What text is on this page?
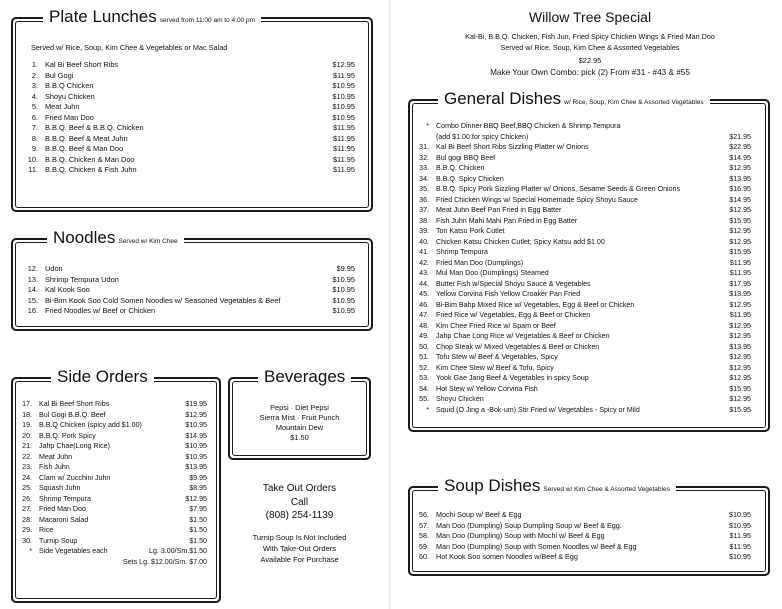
Plate Lunches served from 11:00 am to 4:00 pm
Served w/ Rice, Soup, Kim Chee & Vegetables or Mac Salad
1. Kal Bi Beef Short Ribs	$12.95
2. Bul Gogi	$11.95
3. B.B.Q Chicken	$10.95
4. Shoyu Chicken	$10.95
5. Meat Juhn	$10.95
6. Fried Man Doo	$10.95
7. B.B.Q. Beef & B.B.Q. Chicken	$11.95
8. B.B.Q. Beef & Meat Juhn	$11.95
9. B.B.Q. Beef & Man Doo	$11.95
10. B.B.Q. Chicken & Man Doo	$11.95
11. B.B.Q. Chicken & Fish Juhn	$11.95
Noodles Served w/ Kim Chee
12. Udon	$9.95
13. Shrimp Tempura Udon	$10.95
14. Kal Kook Soo	$10.95
15. Bi-Bim Kook Soo Cold Somen Noodles w/ Seasoned Vegetables & Beef	$10.95
16. Fried Noodles w/ Beef or Chicken	$10.95
Side Orders
17. Kal Bi Beef Short Ribs	$19.95
18. Bul Gogi B.B.Q. Beef	$12.95
19. B.B.Q Chicken (spicy add $1.00)	$10.95
20. B.B.Q. Pork Spicy	$14.95
21. Jahp Chae(Long Rice)	$10.95
22. Meat Juhn	$10.95
23. Fish Juhn	$13.95
24. Clam w/ Zucchini Juhn	$9.95
25. Squash Juhn	$8.95
26. Shrimp Tempura	$12.95
27. Fried Man Doo	$7.95
28. Macaroni Salad	$1.50
29. Rice	$1.50
30. Turnip Soup	$1.50
* Side Vegetables each	Lg. 3.00/Sm.$1.50
Sets Lg. $12.00/Sm. $7.00
Beverages
Pepsi · Diet Pepsi
Sierra Mist · Fruit Punch
Mountain Dew
$1.50
Take Out Orders
Call
(808) 254-1139
Turnip Soup Is Not Included
With Take-Out Orders
Available For Purchase
Willow Tree Special
Kal-Bi, B.B.Q. Chicken, Fish Jun, Fried Spicy Chicken Wings & Fried Man Doo
Served w/ Rice, Soup, Kim Chee & Assorted Vegetables
$22.95
Make Your Own Combo: pick (2) From #31 - #43 & #55
General Dishes w/ Rice, Soup, Kim Chee & Assorted Vegetables
* Combo Dinner BBQ Beef,BBQ Chicken & Shrimp Tempura
(add $1.00 for spicy Chicken)	$21.95
31. Kal Bi Beef Short Ribs Sizzling Platter w/ Onions	$22.95
32. Bul gogi BBQ Beef	$14.95
33. B.B.Q. Chicken	$12.95
34. B.B.Q. Spicy Chicken	$13.95
35. B.B.Q. Spicy Pork Sizzling Platter w/ Onions, Sesame Seeds & Green Onions	$16.95
36. Fried Chicken Wings w/ Special Homemade Spicy Shoyu Sauce	$14.95
37. Meat Juhn Beef Pan Fried in Egg Batter	$12.95
38. Fish Juhn Mahi Mahi Pan Fried in Egg Batter	$15.95
39. Ton Katsu Pork Cutlet	$12.95
40. Chicken Katsu Chicken Cutlet; Spicy Katsu add $1.00	$12.95
41. Shrimp Tempura	$15.95
42. Fried Man Doo (Dumplings)	$11.95
43. Mul Man Doo (Dumplings) Steamed	$11.95
44. Butter Fish w/Special Shoyu Sauce & Vegetables	$17.95
45. Yellow Corvina Fish Yellow Croaker Pan Fried	$13.95
46. Bi-Bim Bahp Mixed Rice w/ Vegetables, Egg & Beef or Chicken	$12.95
47. Fried Rice w/ Vegetables, Egg & Beef or Chicken	$11.95
48. Kim Chee Fried Rice w/ Spam or Beef	$12.95
49. Jahp Chae Long Rice w/ Vegetables & Beef or Chicken	$12.95
50. Chop Steak w/ Mixed Vegetables & Beef or Chicken	$13.95
51. Tofu Stew w/ Beef & Vegetables, Spicy	$12.95
52. Kim Chee Stew w/ Beef & Tofu, Spicy	$12.95
53. Yook Gae Jang Beef & Vegetables in spicy Soup	$12.95
54. Hot Stew w/ Yellow Corvina Fish	$15.95
55. Shoyu Chicken	$12.95
* Squid (O Jing a -Bok-um) Stir Fried w/ Vegetables - Spicy or Mild	$15.95
Soup Dishes Served w/ Kim Chee & Assorted Vegetables
56. Mochi Soup w/ Beef & Egg	$10.95
57. Man Doo (Dumpling) Soup Dumpling Soup w/ Beef & Egg.	$10.95
58. Man Doo (Dumpling) Soup with Mochi w/ Beef & Egg	$11.95
59. Man Doo (Dumpling) Soup with Somen Noodles w/ Beef & Egg	$11.95
60. Hot Kook Soo somen Noodles w/Beef & Egg	$10.95
